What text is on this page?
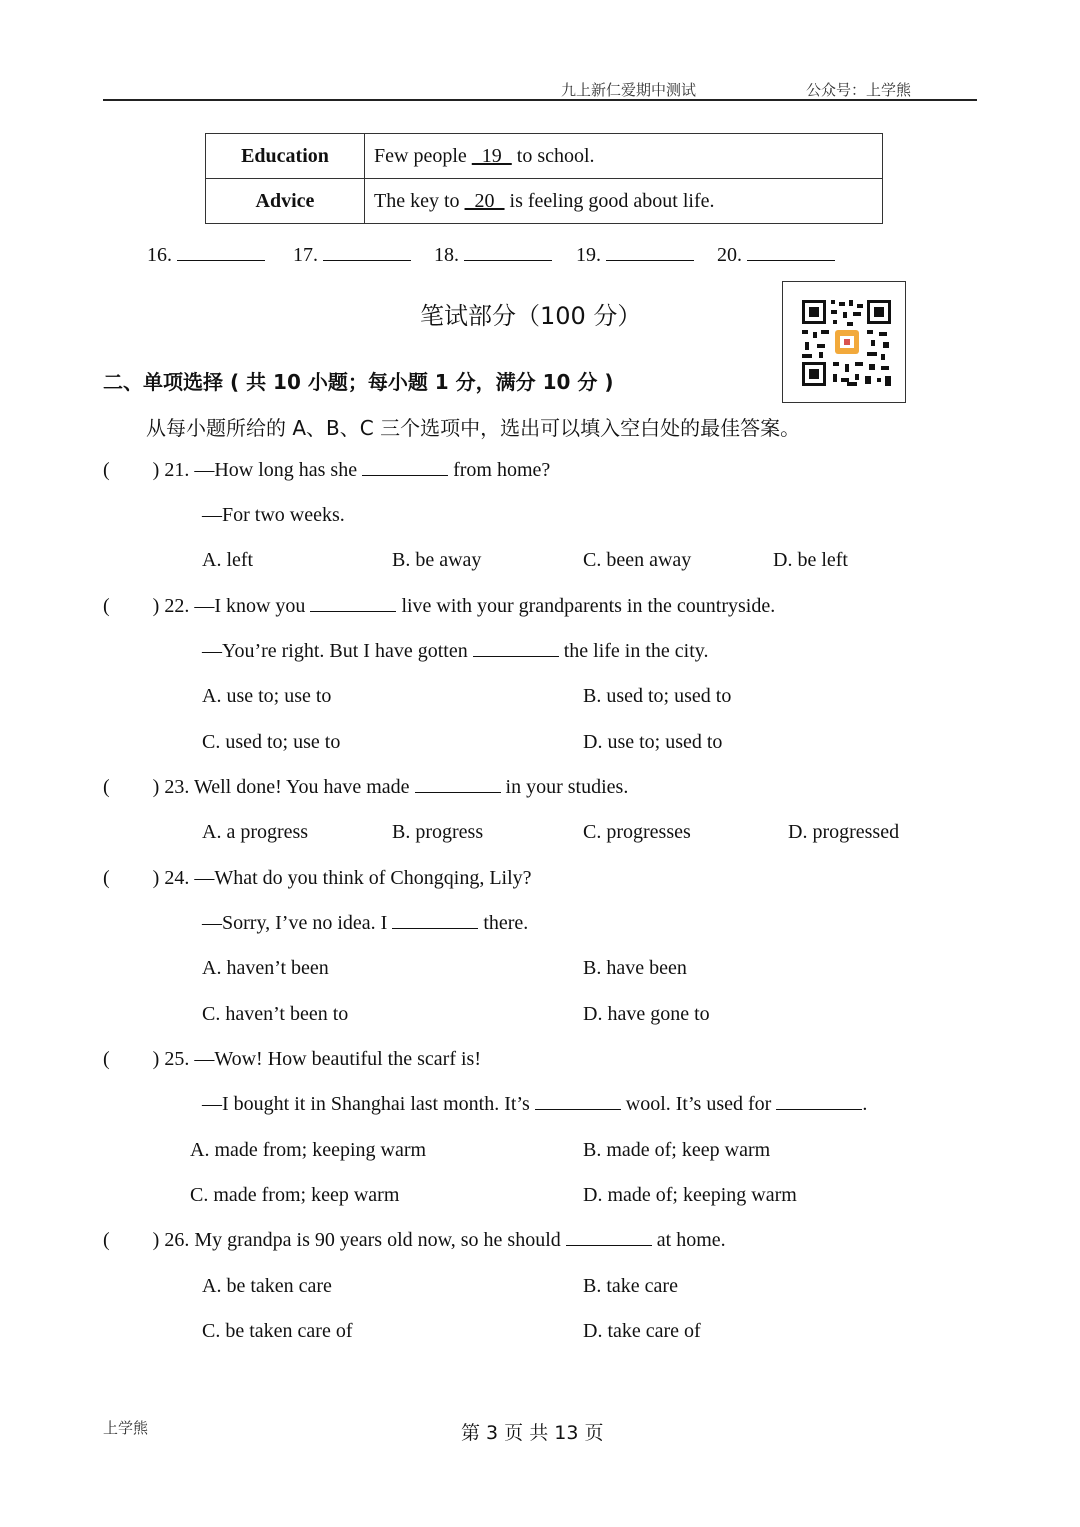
九上新仁爱期中测试	公众号：上学熊
Education	Few people   19   to school.
Advice	The key to   20   is feeling good about life.
16.	17.	18.	19.	20.
笔试部分（100 分）
二、单项选择 ( 共 10 小题；每小题 1 分，满分 10 分 )
从每小题所给的 A、B、C 三个选项中，选出可以填入空白处的最佳答案。
( ) 21. —How long has she	from home?
—For two weeks.
A. left	B. be away	C. been away	D. be left
( ) 22. —I know you	live with your grandparents in the countryside.
—You’re right. But I have gotten	the life in the city.
A. use to; use to	B. used to; used to
C. used to; use to	D. use to; used to
( ) 23. Well done! You have made	in your studies.
A. a progress	B. progress	C. progresses	D. progressed
( ) 24. —What do you think of Chongqing, Lily?
—Sorry, I’ve no idea. I	there.
A. haven’t been	B. have been
C. haven’t been to	D. have gone to
( ) 25. —Wow! How beautiful the scarf is!
—I bought it in Shanghai last month. It’s	wool. It’s used for	.
A. made from; keeping warm	B. made of; keep warm
C. made from; keep warm	D. made of; keeping warm
( ) 26. My grandpa is 90 years old now, so he should	at home.
A. be taken care	B. take care
C. be taken care of	D. take care of
上学熊	第 3 页 共 13 页
